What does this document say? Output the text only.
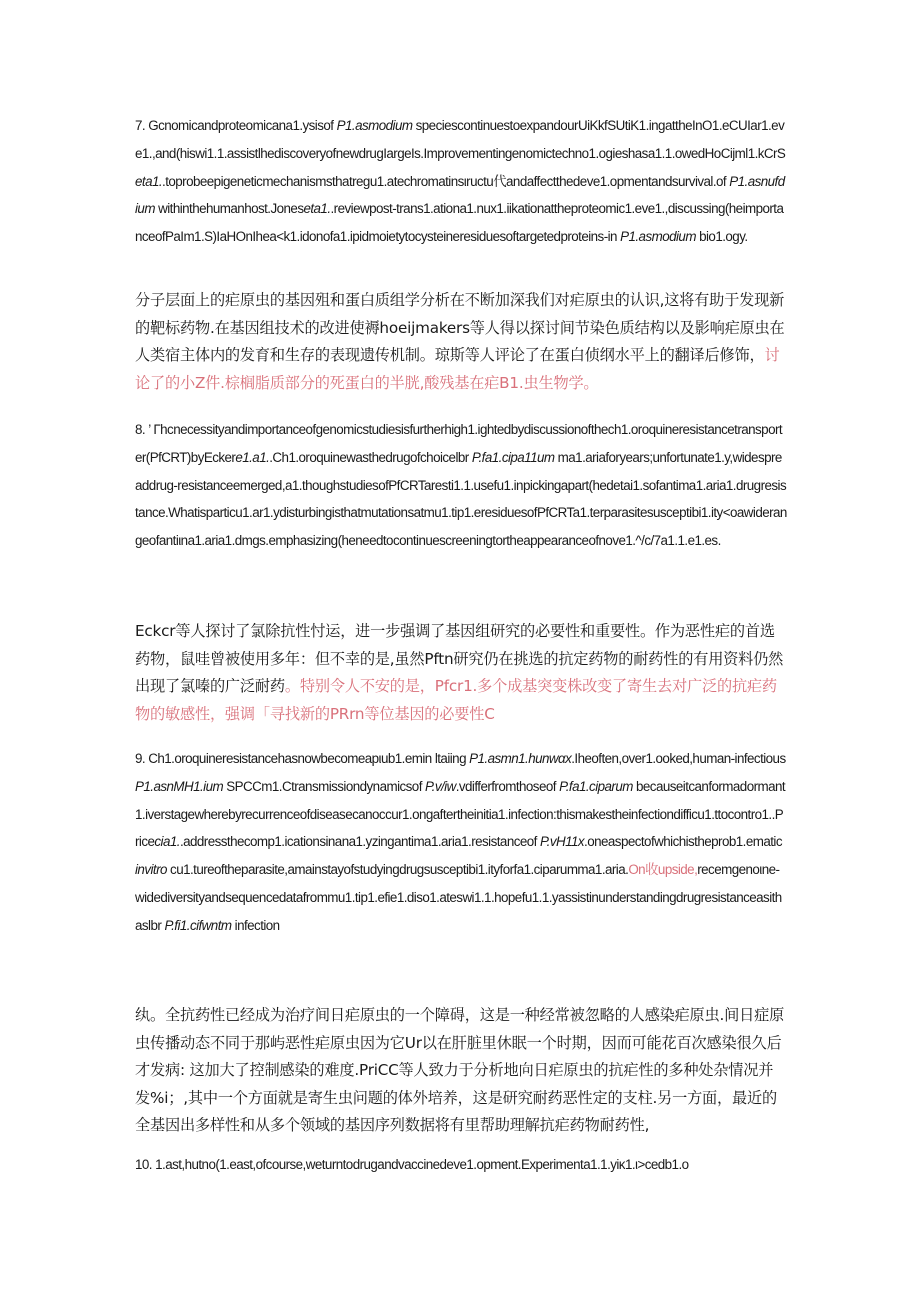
7. Gcnomicandproteomicana1.ysisof P1.asmodium speciescontinuestoexpandourUiKkfSUtiK1.ingattheInO1.eCUIar1.eve1.,and(hiswi1.1.assistlhediscoveryofnewdrugIargeIs.Improvementingenomictechno1.ogieshasa1.1.owedHoCijml1.kCrSeta1..toprobeepigeneticmechanismsthatregu1.atechromatinsιructu代andaffectthedeve1.opmentandsurvival.of P1.asnufdium withinthehumanhost.Joneseta1..reviewpost-trans1.ationa1.nux1.iikationattheproteomic1.eve1.,discussing(heimportanceofPaIm1.S)IaHOnIhea<k1.idonofa1.ipidmoietytocysteineresiduesoftargetedproteins-in P1.asmodium bio1.ogy.

分子层面上的疟原虫的基因殂和蛋白质组学分析在不断加深我们对疟原虫的认识,这将有助于发现新的靶标药物.在基因组技术的改进使褥hoeijmakers等人得以探讨间节染色质结构以及影响疟原虫在人类宿主体内的发育和生存的表现遗传机制。琼斯等人评论了在蛋白侦纲水平上的翻译后修饰，讨论了的小Z件.棕榈脂质部分的死蛋白的半胱,酸残基在疟B1.虫生物学。

8. ’ Γhcnecessityandimportanceofgenomicstudiesisfurtherhigh1.ightedbydiscussionofthech1.oroquineresistancetransporter(PfCRT)byEckere1.a1..Ch1.oroquinewasthedrugofchoicelbr P.fa1.cipa11um ma1.ariaforyears;unfortunate1.y,widespreaddrug-resistanceemerged,a1.thoughstudiesofPfCRTaresti1.1.usefu1.inpickingapart(hedetai1.sofantima1.aria1.drugresistance.Whatisparticu1.ar1.ydisturbingisthatmutationsatmu1.tip1.eresiduesofPfCRTa1.terparasitesusceptibi1.ity<oawiderangeofantiιna1.aria1.dmgs.emphasizing(heneedtocontinuescreeningtortheappearanceofnove1.^/c/7a1.1.e1.es.

Eckcr等人探讨了氯除抗性忖运，进一步强调了基因组研究的必要性和重要性。作为恶性疟的首选药物，鼠哇曾被使用多年：但不幸的是,虽然Pftn研究仍在挑选的抗定药物的耐药性的有用资料仍然出现了氯嗪的广泛耐药。特别令人不安的是，Pfcr1.多个成基突变株改变了寄生去对广泛的抗疟药物的敏感性，强调「寻找新的PRrn等位基因的必要性C

9. Ch1.oroquineresistancehasnowbecomeapιub1.emin ltaiing P1.asmn1.hunwαx.Iheoften,over1.ooked,human-infectious P1.asnMH1.ium SPCCm1.Ctransmissiondynamicsof P.v/iw.vdifferfromthoseof P.fa1.ciparum becauseitcanformadormant1.iverstagewherebyrecurrenceofdiseasecanoccur1.ongaftertheinitia1.infection:thismakestheinfectiondifficu1.ttocontro1..Pricecia1..addressthecomp1.icationsinana1.yzingantima1.aria1.resistanceof P.vH11x.oneaspectofwhichistheprob1.ematic invitro cu1.tureoftheparasite,amainstayofstudyingdrugsusceptibi1.ityforfa1.ciparumma1.aria.On收upside,recemgenoιne-widediversityandsequencedatafrommu1.tip1.efie1.diso1.ateswi1.1.hopefu1.1.yassistinunderstandingdrugresistanceasithaslbr P.fi1.cifwntm infection

纨。全抗药性已经成为治疗间日疟原虫的一个障碍，这是一种经常被忽略的人感染疟原虫.间日症原虫传播动态不同于那屿恶性疟原虫因为它Ur以在肝脏里休眠一个时期，因而可能花百次感染很久后才发病: 这加大了控制感染的难度.PriCC等人致力于分析地向日疟原虫的抗疟性的多种处杂情况并发%i；,其中一个方面就是寄生虫问题的体外培养，这是研究耐药恶性定的支柱.另一方面，最近的全基因出多样性和从多个领域的基因序列数据将有里帮助理解抗疟药物耐药性,

10. 1.ast,hutno(1.east,ofcourse,weturntodrugandvaccinedeve1.opment.Experimenta1.1.yiκ1.ι>cedb1.o
